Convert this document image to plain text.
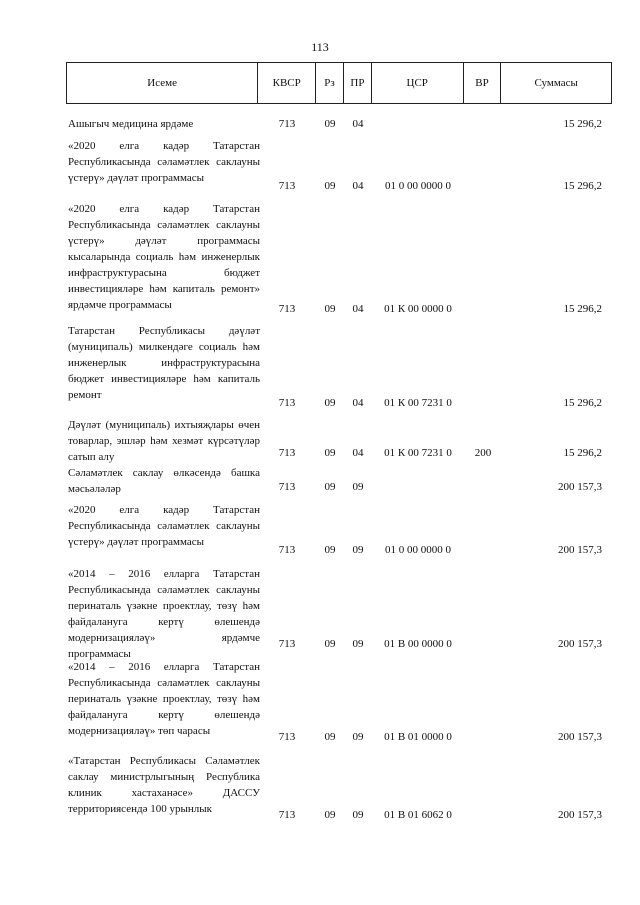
113
Исеме	КВСР	Рз	ПР	ЦСР	ВР	Суммасы
Ашыгыч медицина ярдәме	713	09	04	15 296,2
«2020 елга кадәр Татарстан Республикасында сәламәтлек саклауны үстерү» дәүләт программасы
713	09	04	01 0 00 0000 0	15 296,2
«2020 елга кадәр Татарстан Республикасында сәламәтлек саклауны үстерү» дәүләт программасы кысаларында социаль һәм инженерлык инфраструктурасына бюджет инвестицияләре һәм капиталь ремонт» ярдәмче программасы	713	09	04	01 К 00 0000 0	15 296,2
Татарстан Республикасы дәүләт (муниципаль) милкендәге социаль һәм инженерлык инфраструктурасына бюджет инвестицияләре һәм капиталь ремонт
713	09	04	01 К 00 7231 0	15 296,2
Дәүләт (муниципаль) ихтыяҗлары өчен товарлар, эшләр һәм хезмәт күрсәтүләр сатып алу	713	09	04	01 К 00 7231 0	200	15 296,2
Сәламәтлек саклау өлкәсендә башка мәсьәләләр	713	09	09	200 157,3
«2020 елга кадәр Татарстан Республикасында сәламәтлек саклауны үстерү» дәүләт программасы
713	09	09	01 0 00 0000 0	200 157,3
«2014 – 2016 елларга Татарстан Республикасында сәламәтлек саклауны перинаталь үзәкне проектлау, төзү һәм файдалануга кертү өлешендә модернизацияләү» ярдәмче программасы
713	09	09	01 В 00 0000 0	200 157,3
«2014 – 2016 елларга Татарстан Республикасында сәламәтлек саклауны перинаталь үзәкне проектлау, төзү һәм файдалануга кертү өлешендә модернизацияләү» төп чарасы	713	09	09	01 В 01 0000 0	200 157,3
«Татарстан Республикасы Сәламәтлек саклау министрлыгының Республика клиник хастаханәсе» ДАССУ территориясендә 100 урынлык	713	09	09	01 В 01 6062 0	200 157,3
